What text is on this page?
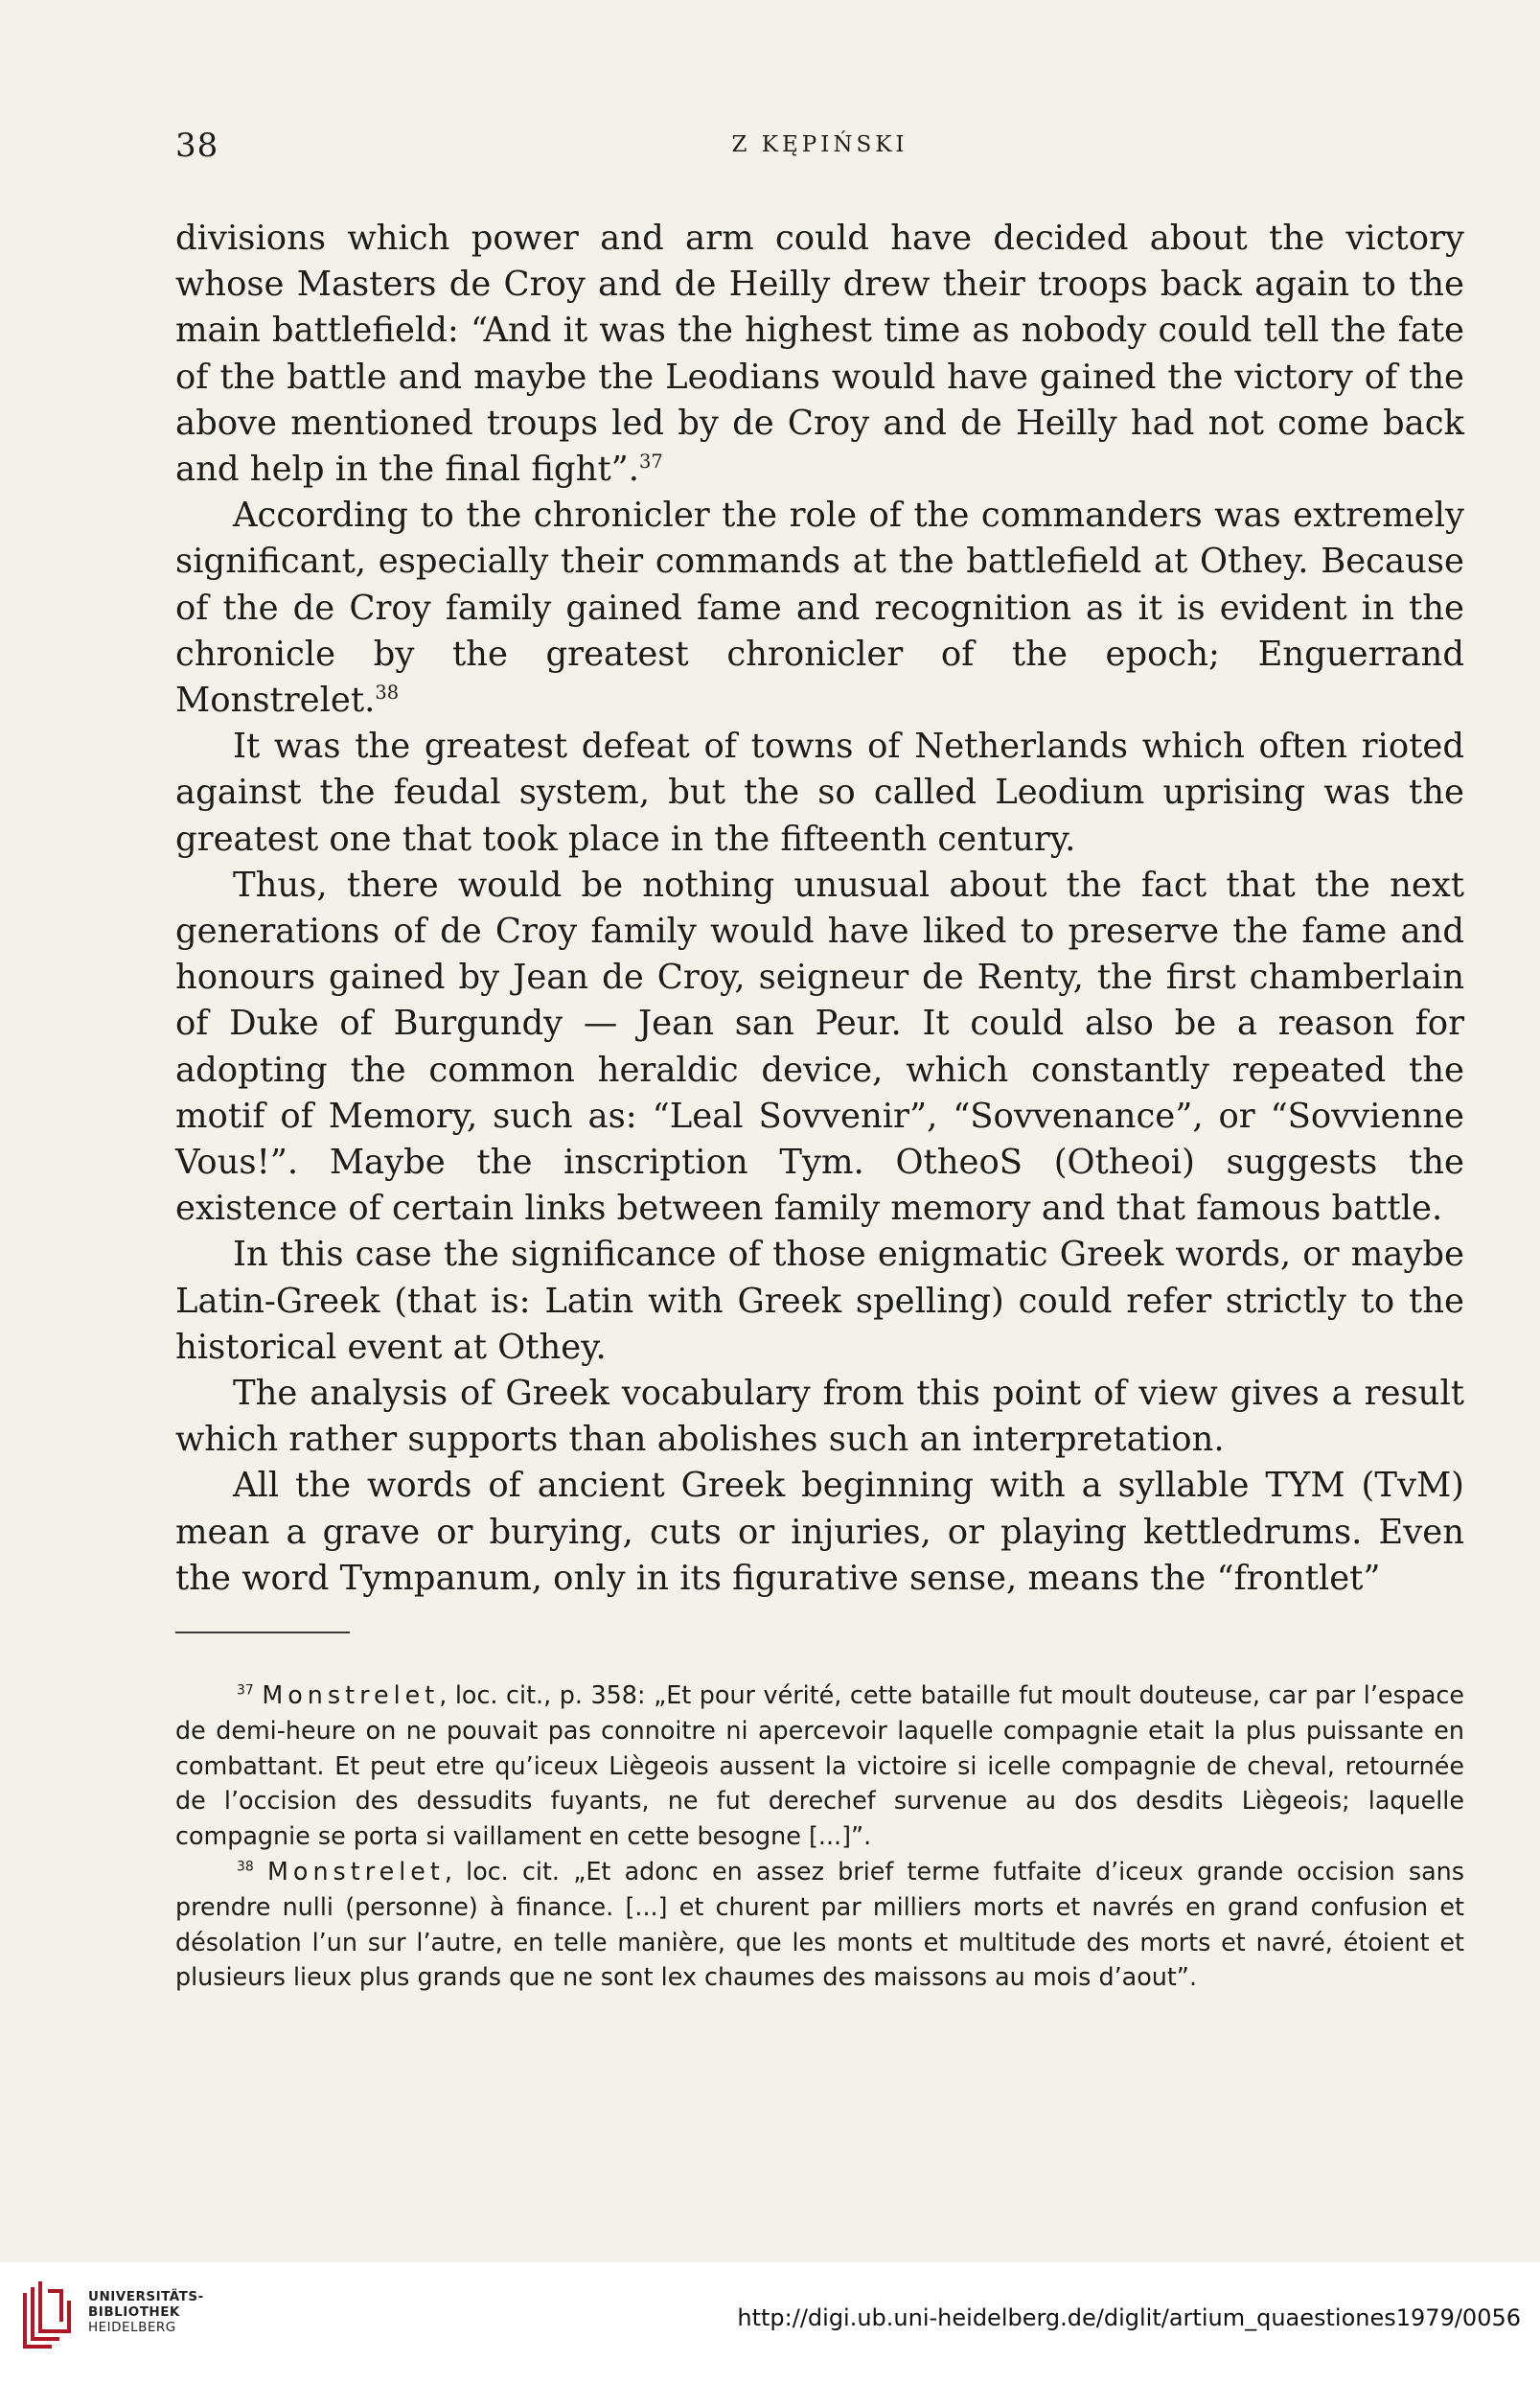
38	Z KĘPIŃSKI

divisions which power and arm could have decided about the victory whose Masters de Croy and de Heilly drew their troops back again to the main battlefield: “And it was the highest time as nobody could tell the fate of the battle and maybe the Leodians would have gained the victory of the above mentioned troups led by de Croy and de Heilly had not come back and help in the final fight”.$^{37}$

According to the chronicler the role of the commanders was extremely significant, especially their commands at the battlefield at Othey. Because of the de Croy family gained fame and recognition as it is evident in the chronicle by the greatest chronicler of the epoch; Enguerrand Monstrelet.$^{38}$

It was the greatest defeat of towns of Netherlands which often rioted against the feudal system, but the so called Leodium uprising was the greatest one that took place in the fifteenth century.

Thus, there would be nothing unusual about the fact that the next generations of de Croy family would have liked to preserve the fame and honours gained by Jean de Croy, seigneur de Renty, the first chamberlain of Duke of Burgundy — Jean san Peur. It could also be a reason for adopting the common heraldic device, which constantly repeated the motif of Memory, such as: “Leal Sovvenir”, “Sovvenance”, or “Sovvienne Vous!”. Maybe the inscription Tym. OtheoS (Otheoi) suggests the existence of certain links between family memory and that famous battle.

In this case the significance of those enigmatic Greek words, or maybe Latin-Greek (that is: Latin with Greek spelling) could refer strictly to the historical event at Othey.

The analysis of Greek vocabulary from this point of view gives a result which rather supports than abolishes such an interpretation.

All the words of ancient Greek beginning with a syllable TYM (TvM) mean a grave or burying, cuts or injuries, or playing kettledrums. Even the word Tympanum, only in its figurative sense, means the “frontlet”

$^{37}$ Monstrelet, loc. cit., p. 358: „Et pour vérité, cette bataille fut moult douteuse, car par l’espace de demi-heure on ne pouvait pas connoitre ni apercevoir laquelle compagnie etait la plus puissante en combattant. Et peut etre qu’iceux Liègeois aussent la victoire si icelle compagnie de cheval, retournée de l’occision des dessudits fuyants, ne fut derechef survenue au dos desdits Liègeois; laquelle compagnie se porta si vaillament en cette besogne [...]”.

$^{38}$ Monstrelet, loc. cit. „Et adonc en assez brief terme futfaite d’iceux grande occision sans prendre nulli (personne) à finance. [...] et churent par milliers morts et navrés en grand confusion et désolation l’un sur l’autre, en telle manière, que les monts et multitude des morts et navré, étoient et plusieurs lieux plus grands que ne sont lex chaumes des maissons au mois d’aout”.

UNIVERSITÄTS-
BIBLIOTHEK
HEIDELBERG	http://digi.ub.uni-heidelberg.de/diglit/artium_quaestiones1979/0056
